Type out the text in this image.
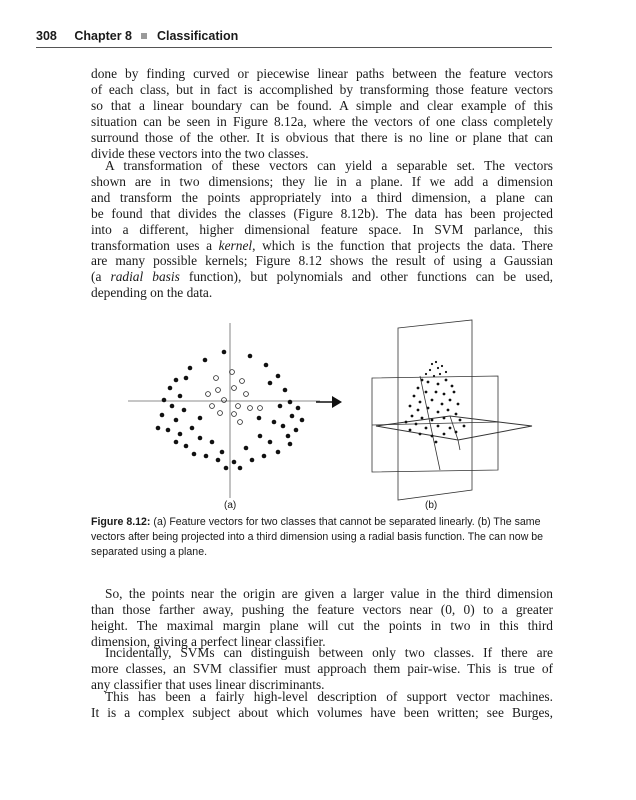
308 Chapter 8 Classification
done by finding curved or piecewise linear paths between the feature vectors
of each class, but in fact is accomplished by transforming those feature vectors
so that a linear boundary can be found. A simple and clear example of this
situation can be seen in Figure 8.12a, where the vectors of one class completely
surround those of the other. It is obvious that there is no line or plane that can
divide these vectors into the two classes.
A transformation of these vectors can yield a separable set. The vectors
shown are in two dimensions; they lie in a plane. If we add a dimension
and transform the points appropriately into a third dimension, a plane can
be found that divides the classes (Figure 8.12b). The data has been projected
into a different, higher dimensional feature space. In SVM parlance, this
transformation uses a kernel, which is the function that projects the data. There
are many possible kernels; Figure 8.12 shows the result of using a Gaussian
(a radial basis function), but polynomials and other functions can be used,
depending on the data.
(a)	(b)
Figure 8.12: (a) Feature vectors for two classes that cannot be separated linearly. (b) The same vectors after being projected into a third dimension using a radial basis function. The can now be separated using a plane.
So, the points near the origin are given a larger value in the third dimension
than those farther away, pushing the feature vectors near (0, 0) to a greater
height. The maximal margin plane will cut the points in two in this third
dimension, giving a perfect linear classifier.
Incidentally, SVMs can distinguish between only two classes. If there are
more classes, an SVM classifier must approach them pair-wise. This is true of
any classifier that uses linear discriminants.
This has been a fairly high-level description of support vector machines.
It is a complex subject about which volumes have been written; see Burges,
